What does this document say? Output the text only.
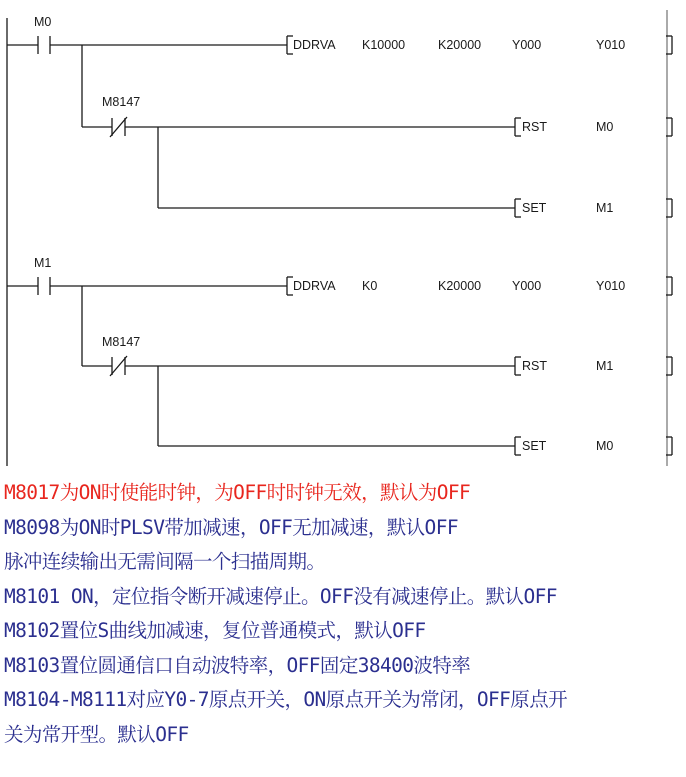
M0
DDRVA K10000	K20000 Y000	Y010
M8147
RST	M0
SET	M1
M1
DDRVA K0	K20000 Y000	Y010
M8147
RST	M1
SET	M0
M8017为ON时使能时钟，为OFF时时钟无效，默认为OFF
M8098为ON时PLSV带加减速，OFF无加减速，默认OFF
脉冲连续输出无需间隔一个扫描周期。
M8101 ON，定位指令断开减速停止。OFF没有减速停止。默认OFF
M8102置位S曲线加减速，复位普通模式，默认OFF
M8103置位圆通信口自动波特率，OFF固定38400波特率
M8104-M8111对应Y0-7原点开关，ON原点开关为常闭，OFF原点开
关为常开型。默认OFF
